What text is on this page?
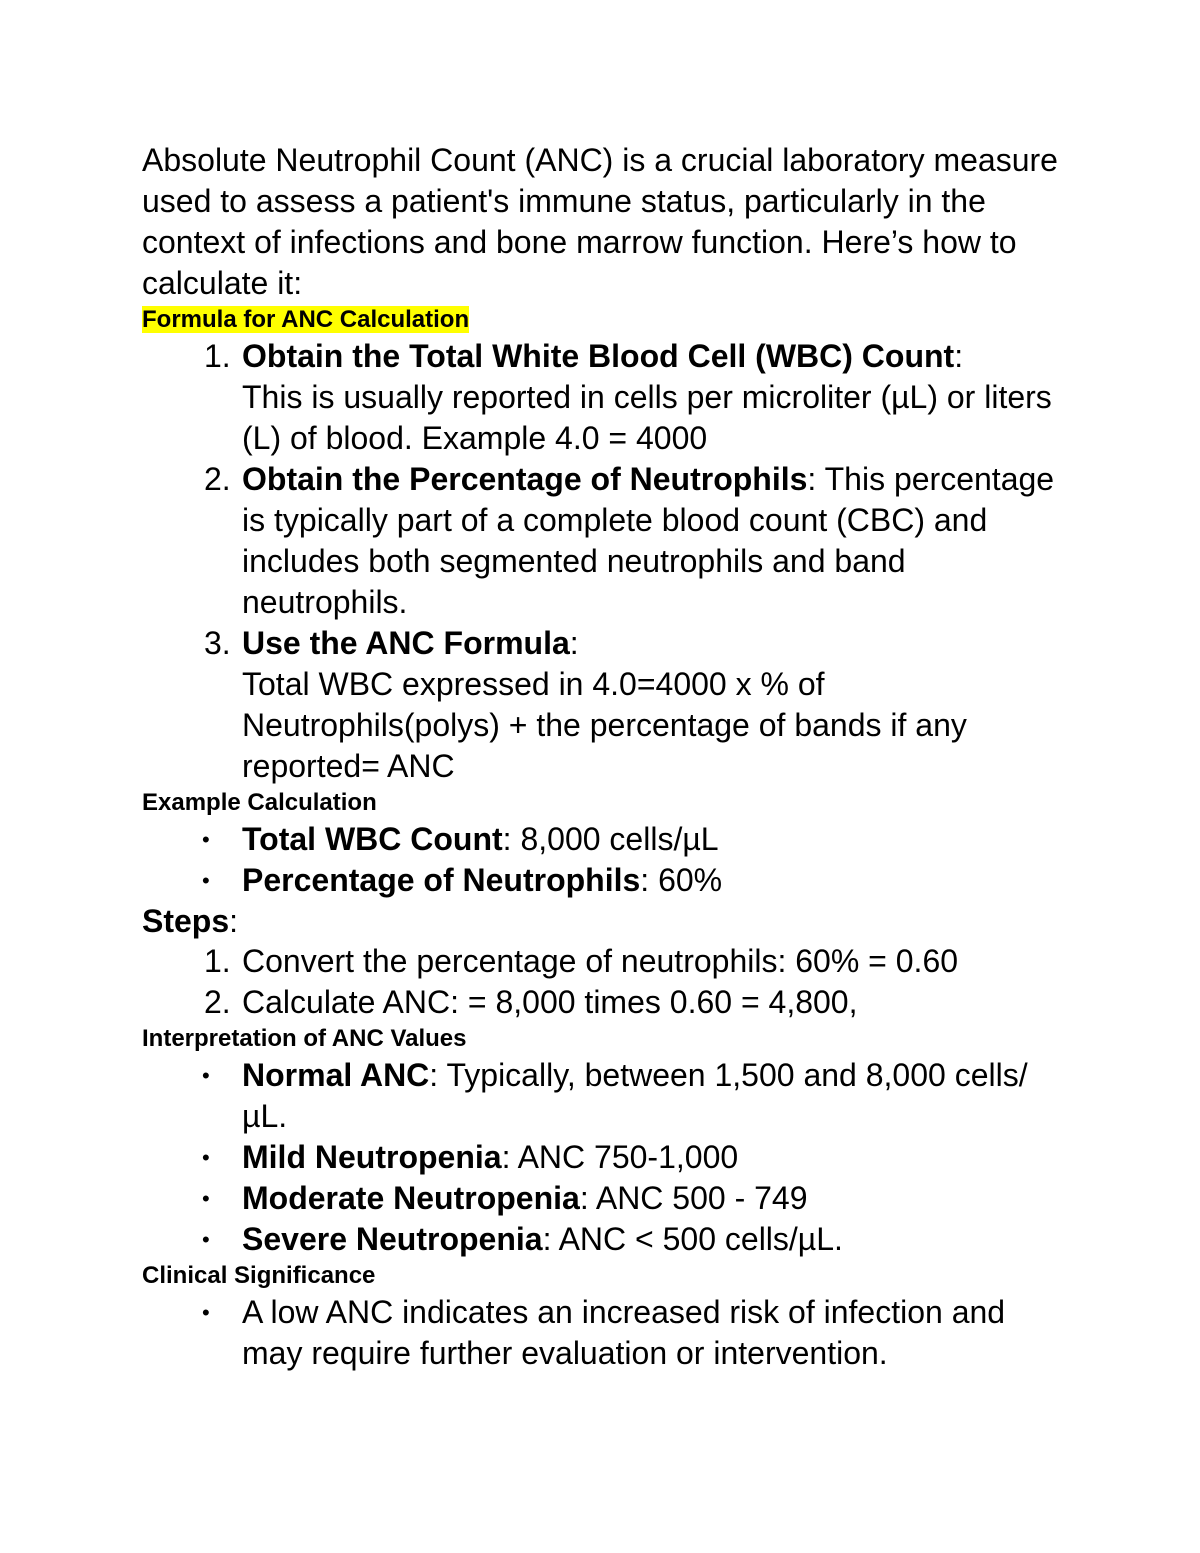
Absolute Neutrophil Count (ANC) is a crucial laboratory measure used to assess a patient's immune status, particularly in the context of infections and bone marrow function. Here’s how to calculate it:

Formula for ANC Calculation

1. Obtain the Total White Blood Cell (WBC) Count:
This is usually reported in cells per microliter (µL) or liters (L) of blood. Example 4.0 = 4000
2. Obtain the Percentage of Neutrophils: This percentage is typically part of a complete blood count (CBC) and includes both segmented neutrophils and band neutrophils.
3. Use the ANC Formula:
Total WBC expressed in 4.0=4000 x % of Neutrophils(polys) + the percentage of bands if any reported= ANC

Example Calculation

•	Total WBC Count: 8,000 cells/µL
•	Percentage of Neutrophils: 60%

Steps:

1. Convert the percentage of neutrophils: 60% = 0.60
2. Calculate ANC: = 8,000 times 0.60 = 4,800,

Interpretation of ANC Values

•	Normal ANC: Typically, between 1,500 and 8,000 cells/µL.
•	Mild Neutropenia: ANC 750-1,000
•	Moderate Neutropenia: ANC 500 - 749
•	Severe Neutropenia: ANC < 500 cells/µL.

Clinical Significance

•	A low ANC indicates an increased risk of infection and may require further evaluation or intervention.
